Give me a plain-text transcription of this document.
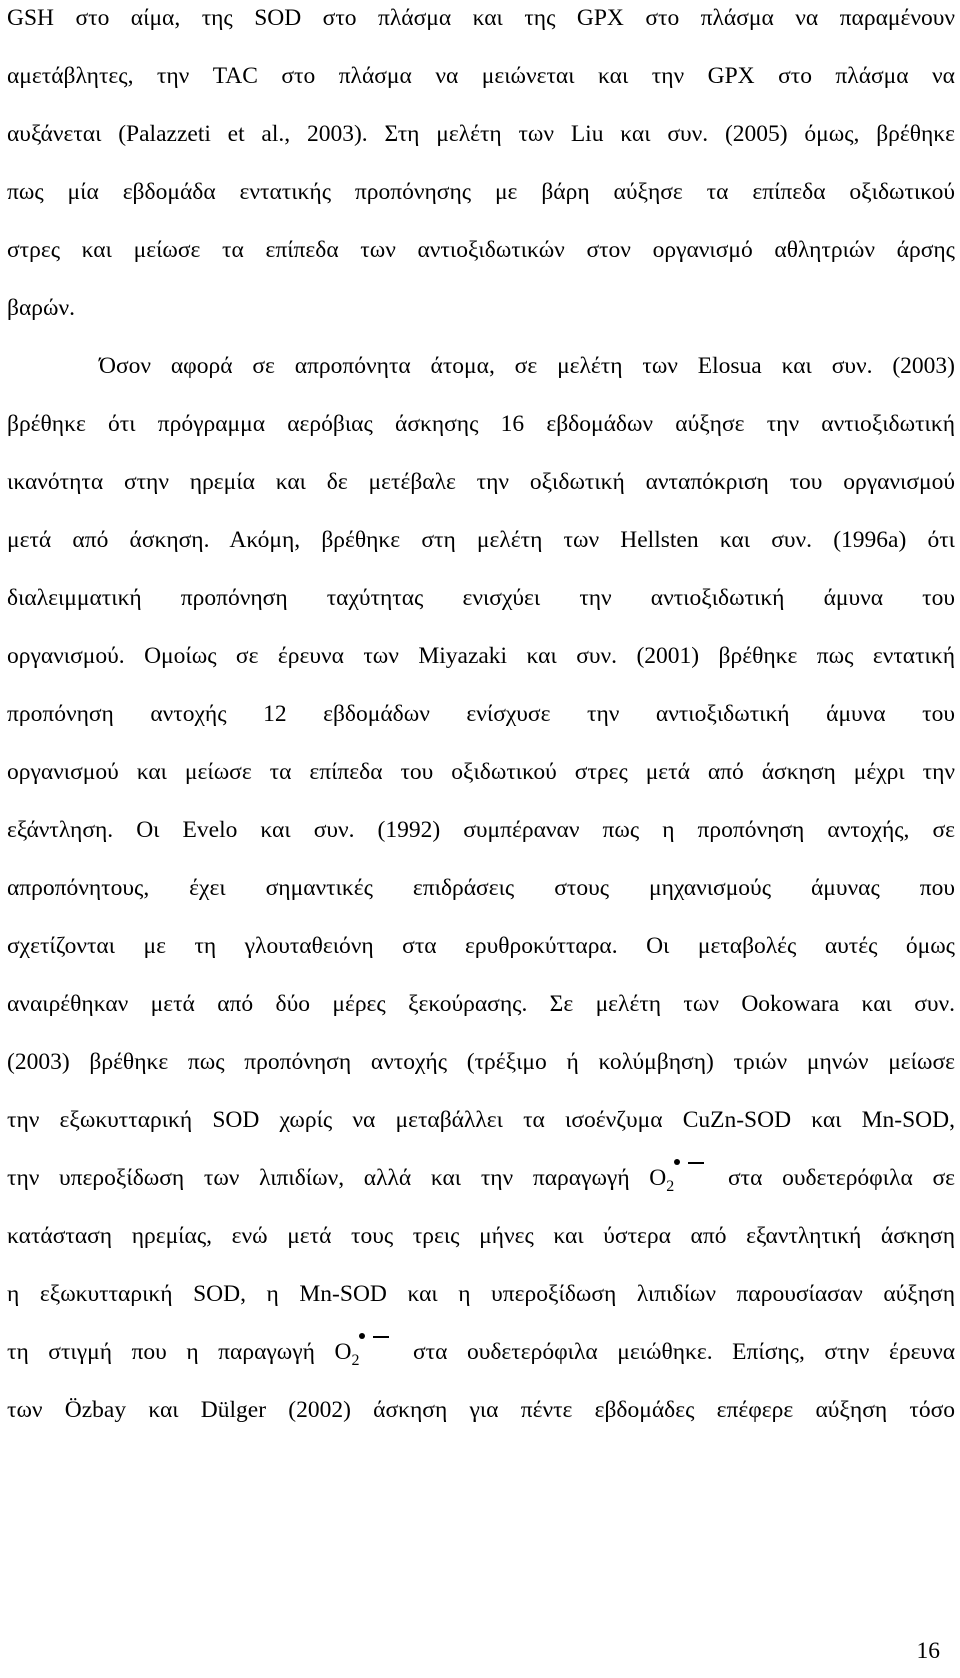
GSH στο αίμα, της SOD στο πλάσμα και της GPX στο πλάσμα να παραμένουν
αμετάβλητες, την TAC στο πλάσμα να μειώνεται και την GPX στο πλάσμα να
αυξάνεται (Palazzeti et al., 2003). Στη μελέτη των Liu και συν. (2005) όμως, βρέθηκε
πως μία εβδομάδα εντατικής προπόνησης με βάρη αύξησε τα επίπεδα οξιδωτικού
στρες και μείωσε τα επίπεδα των αντιοξιδωτικών στον οργανισμό αθλητριών άρσης
βαρών.
Όσον αφορά σε απροπόνητα άτομα, σε μελέτη των Elosua και συν. (2003)
βρέθηκε ότι πρόγραμμα αερόβιας άσκησης 16 εβδομάδων αύξησε την αντιοξιδωτική
ικανότητα στην ηρεμία και δε μετέβαλε την οξιδωτική ανταπόκριση του οργανισμού
μετά από άσκηση. Ακόμη, βρέθηκε στη μελέτη των Hellsten και συν. (1996a) ότι
διαλειμματική προπόνηση ταχύτητας ενισχύει την αντιοξιδωτική άμυνα του
οργανισμού. Ομοίως σε έρευνα των Miyazaki και συν. (2001) βρέθηκε πως εντατική
προπόνηση αντοχής 12 εβδομάδων ενίσχυσε την αντιοξιδωτική άμυνα του
οργανισμού και μείωσε τα επίπεδα του οξιδωτικού στρες μετά από άσκηση μέχρι την
εξάντληση. Οι Evelo και συν. (1992) συμπέραναν πως η προπόνηση αντοχής, σε
απροπόνητους, έχει σημαντικές επιδράσεις στους μηχανισμούς άμυνας που
σχετίζονται με τη γλουταθειόνη στα ερυθροκύτταρα. Οι μεταβολές αυτές όμως
αναιρέθηκαν μετά από δύο μέρες ξεκούρασης. Σε μελέτη των Ookowara και συν.
(2003) βρέθηκε πως προπόνηση αντοχής (τρέξιμο ή κολύμβηση) τριών μηνών μείωσε
την εξωκυτταρική SOD χωρίς να μεταβάλλει τα ισοένζυμα CuZn-SOD και Mn-SOD,
την υπεροξίδωση των λιπιδίων, αλλά και την παραγωγή $O_2$ στα ουδετερόφιλα σε
κατάσταση ηρεμίας, ενώ μετά τους τρεις μήνες και ύστερα από εξαντλητική άσκηση
η εξωκυτταρική SOD, η Mn-SOD και η υπεροξίδωση λιπιδίων παρουσίασαν αύξηση
τη στιγμή που η παραγωγή $O_2$ στα ουδετερόφιλα μειώθηκε. Επίσης, στην έρευνα
των Özbay και Dülger (2002) άσκηση για πέντε εβδομάδες επέφερε αύξηση τόσο
16
